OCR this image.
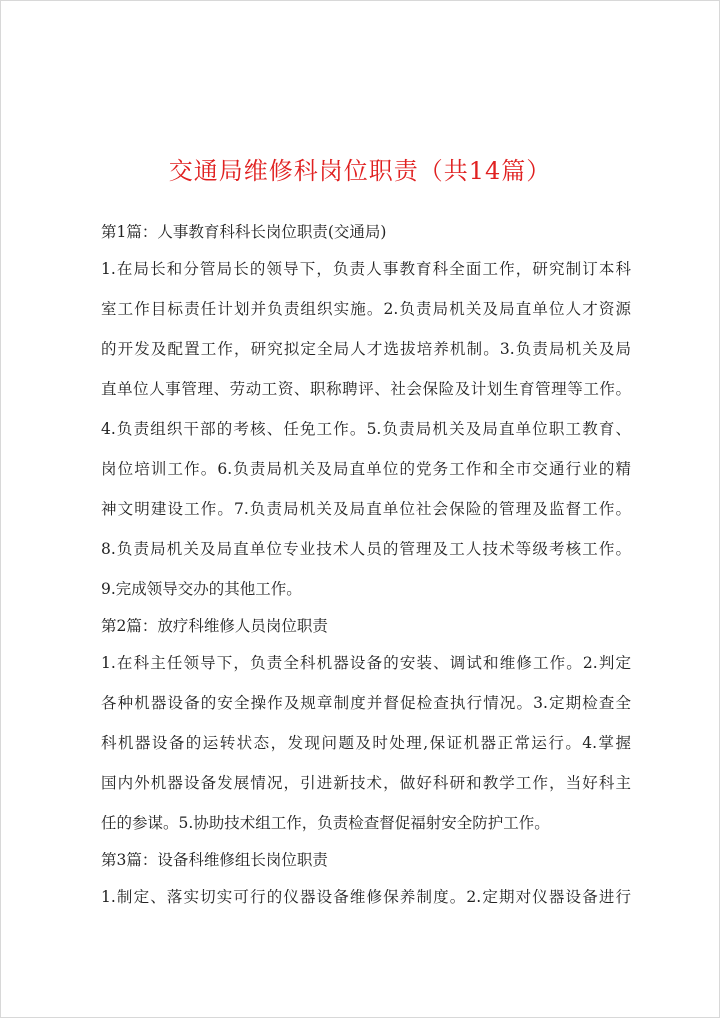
交通局维修科岗位职责（共14篇）
第1篇：人事教育科科长岗位职责(交通局)
1.在局长和分管局长的领导下，负责人事教育科全面工作，研究制订本科
室工作目标责任计划并负责组织实施。2.负责局机关及局直单位人才资源
的开发及配置工作，研究拟定全局人才选拔培养机制。3.负责局机关及局
直单位人事管理、劳动工资、职称聘评、社会保险及计划生育管理等工作。
4.负责组织干部的考核、任免工作。5.负责局机关及局直单位职工教育、
岗位培训工作。6.负责局机关及局直单位的党务工作和全市交通行业的精
神文明建设工作。7.负责局机关及局直单位社会保险的管理及监督工作。
8.负责局机关及局直单位专业技术人员的管理及工人技术等级考核工作。
9.完成领导交办的其他工作。
第2篇：放疗科维修人员岗位职责
1.在科主任领导下，负责全科机器设备的安装、调试和维修工作。2.判定
各种机器设备的安全操作及规章制度并督促检查执行情况。3.定期检查全
科机器设备的运转状态，发现问题及时处理,保证机器正常运行。4.掌握
国内外机器设备发展情况，引进新技术，做好科研和教学工作，当好科主
任的参谋。5.协助技术组工作，负责检查督促福射安全防护工作。
第3篇：设备科维修组长岗位职责
1.制定、落实切实可行的仪器设备维修保养制度。2.定期对仪器设备进行
